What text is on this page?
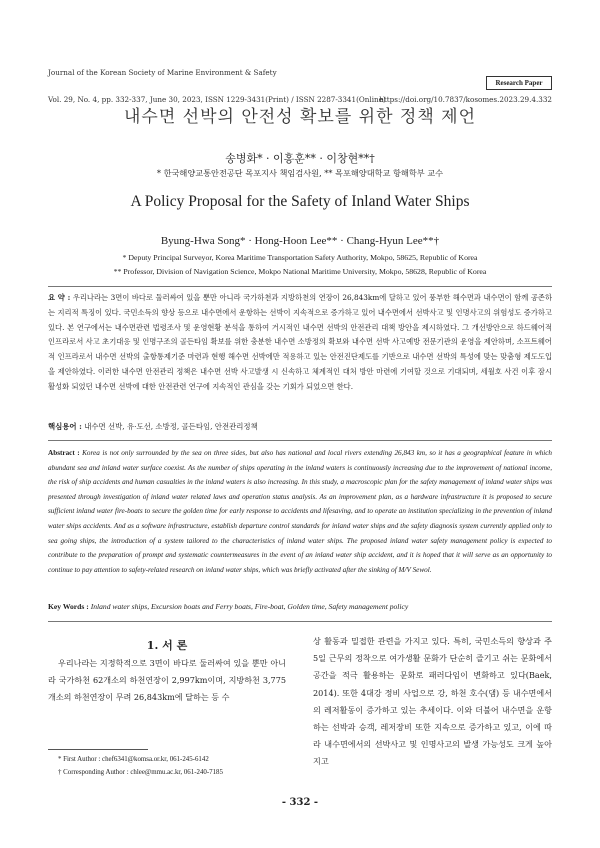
Journal of the Korean Society of Marine Environment & Safety
Research Paper
Vol. 29, No. 4, pp. 332-337, June 30, 2023, ISSN 1229-3431(Print) / ISSN 2287-3341(Online)
https://doi.org/10.7837/kosomes.2023.29.4.332
내수면 선박의 안전성 확보를 위한 정책 제언
송병화* · 이홍훈** · 이창현**†
* 한국해양교통안전공단 목포지사 책임검사원, ** 목포해양대학교 항해학부 교수
A Policy Proposal for the Safety of Inland Water Ships
Byung-Hwa Song* · Hong-Hoon Lee** · Chang-Hyun Lee**†
* Deputy Principal Surveyor, Korea Maritime Transportation Safety Authority, Mokpo, 58625, Republic of Korea
** Professor, Division of Navigation Science, Mokpo National Maritime University, Mokpo, 58628, Republic of Korea
요 약 : 우리나라는 3면이 바다로 둘러싸여 있을 뿐만 아니라 국가하천과 지방하천의 연장이 26,843km에 달하고 있어 풍부한 해수면과 내수면이 함께 공존하는 지리적 특징이 있다. 국민소득의 향상 등으로 내수면에서 운항하는 선박이 지속적으로 증가하고 있어 내수면에서 선박사고 및 인명사고의 위험성도 증가하고 있다. 본 연구에서는 내수면관련 법령조사 및 운영현황 분석을 통하여 거시적인 내수면 선박의 안전관리 대책 방안을 제시하였다. 그 개선방안으로 하드웨어적 인프라로서 사고 초기대응 및 인명구조의 골든타임 확보를 위한 충분한 내수면 소방정의 확보와 내수면 선박 사고예방 전문기관의 운영을 제안하며, 소프트웨어적 인프라로서 내수면 선박의 출항통제기준 마련과 현행 해수면 선박에만 적용하고 있는 안전진단제도를 기반으로 내수면 선박의 특성에 맞는 맞춤형 제도도입을 제안하였다. 이러한 내수면 안전관리 정책은 내수면 선박 사고발생 시 신속하고 체계적인 대처 방안 마련에 기여할 것으로 기대되며, 세월호 사건 이후 잠시 활성화 되었던 내수면 선박에 대한 안전관련 연구에 지속적인 관심을 갖는 기회가 되었으면 한다.
핵심용어 : 내수면 선박, 유·도선, 소방정, 골든타임, 안전관리정책
Abstract : Korea is not only surrounded by the sea on three sides, but also has national and local rivers extending 26,843 km, so it has a geographical feature in which abundant sea and inland water surface coexist. As the number of ships operating in the inland waters is continuously increasing due to the improvement of national income, the risk of ship accidents and human casualties in the inland waters is also increasing. In this study, a macroscopic plan for the safety management of inland water ships was presented through investigation of inland water related laws and operation status analysis. As an improvement plan, as a hardware infrastructure it is proposed to secure sufficient inland water fire-boats to secure the golden time for early response to accidents and lifesaving, and to operate an institution specializing in the prevention of inland water ships accidents. And as a software infrastructure, establish departure control standards for inland water ships and the safety diagnosis system currently applied only to sea going ships, the introduction of a system tailored to the characteristics of inland water ships. The proposed inland water safety management policy is expected to contribute to the preparation of prompt and systematic countermeasures in the event of an inland water ship accident, and it is hoped that it will serve as an opportunity to continue to pay attention to safety-related research on inland water ships, which was briefly activated after the sinking of M/V Sewol.
Key Words : Inland water ships, Excursion boats and Ferry boats, Fire-boat, Golden time, Safety management policy
1. 서 론
우리나라는 지정학적으로 3면이 바다로 둘러싸여 있을 뿐만 아니라 국가하천 62개소의 하천연장이 2,997km이며, 지방하천 3,775개소의 하천연장이 무려 26,843km에 달하는 등 수
상 활동과 밀접한 관련을 가지고 있다. 특히, 국민소득의 향상과 주 5일 근무의 정착으로 여가생활 문화가 단순히 즐기고 쉬는 문화에서 공간을 적극 활용하는 문화로 패러다임이 변화하고 있다(Baek, 2014). 또한 4대강 정비 사업으로 강, 하천 호수(댐) 등 내수면에서의 레저활동이 증가하고 있는 추세이다. 이와 더불어 내수면을 운항하는 선박과 승객, 레저장비 또한 지속으로 증가하고 있고, 이에 따라 내수면에서의 선박사고 및 인명사고의 발생 가능성도 크게 높아지고
* First Author : chef6341@komsa.or.kr, 061-245-6142
† Corresponding Author : chlee@mmu.ac.kr, 061-240-7185
- 332 -
